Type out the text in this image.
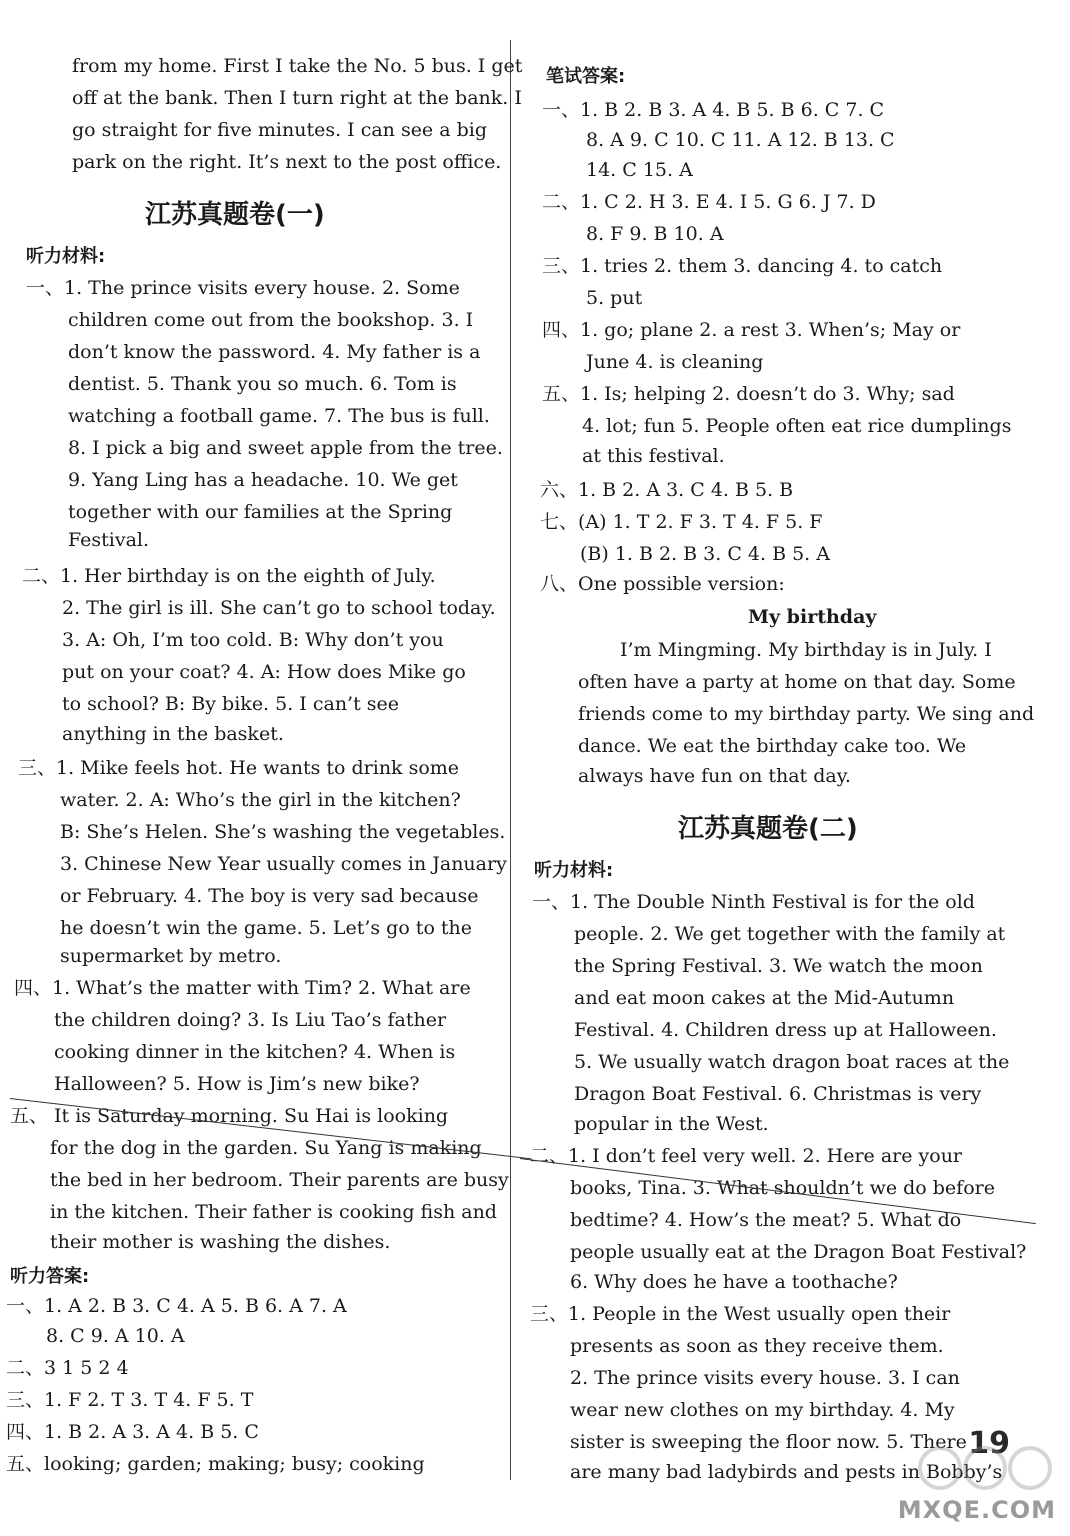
from my home. First I take the No. 5 bus. I get
off at the bank. Then I turn right at the bank. I
go straight for five minutes. I can see a big
park on the right. It’s next to the post office.
江苏真题卷(一)
听力材料:
一、1. The prince visits every house. 2. Some
children come out from the bookshop. 3. I
don’t know the password. 4. My father is a
dentist. 5. Thank you so much. 6. Tom is
watching a football game. 7. The bus is full.
8. I pick a big and sweet apple from the tree.
9. Yang Ling has a headache. 10. We get
together with our families at the Spring
Festival.
二、1. Her birthday is on the eighth of July.
2. The girl is ill. She can’t go to school today.
3. A: Oh, I’m too cold. B: Why don’t you
put on your coat? 4. A: How does Mike go
to school? B: By bike. 5. I can’t see
anything in the basket.
三、1. Mike feels hot. He wants to drink some
water. 2. A: Who’s the girl in the kitchen?
B: She’s Helen. She’s washing the vegetables.
3. Chinese New Year usually comes in January
or February. 4. The boy is very sad because
he doesn’t win the game. 5. Let’s go to the
supermarket by metro.
四、1. What’s the matter with Tim? 2. What are
the children doing? 3. Is Liu Tao’s father
cooking dinner in the kitchen? 4. When is
Halloween? 5. How is Jim’s new bike?
五、 It is Saturday morning. Su Hai is looking
for the dog in the garden. Su Yang is making
the bed in her bedroom. Their parents are busy
in the kitchen. Their father is cooking fish and
their mother is washing the dishes.
听力答案:
一、1. A 2. B 3. C 4. A 5. B 6. A 7. A
8. C 9. A 10. A
二、3 1 5 2 4
三、1. F 2. T 3. T 4. F 5. T
四、1. B 2. A 3. A 4. B 5. C
五、looking; garden; making; busy; cooking
笔试答案:
一、1. B 2. B 3. A 4. B 5. B 6. C 7. C
8. A 9. C 10. C 11. A 12. B 13. C
14. C 15. A
二、1. C 2. H 3. E 4. I 5. G 6. J 7. D
8. F 9. B 10. A
三、1. tries 2. them 3. dancing 4. to catch
5. put
四、1. go; plane 2. a rest 3. When’s; May or
June 4. is cleaning
五、1. Is; helping 2. doesn’t do 3. Why; sad
4. lot; fun 5. People often eat rice dumplings
at this festival.
六、1. B 2. A 3. C 4. B 5. B
七、(A) 1. T 2. F 3. T 4. F 5. F
(B) 1. B 2. B 3. C 4. B 5. A
八、One possible version:
My birthday
I’m Mingming. My birthday is in July. I
often have a party at home on that day. Some
friends come to my birthday party. We sing and
dance. We eat the birthday cake too. We
always have fun on that day.
江苏真题卷(二)
听力材料:
一、1. The Double Ninth Festival is for the old
people. 2. We get together with the family at
the Spring Festival. 3. We watch the moon
and eat moon cakes at the Mid-Autumn
Festival. 4. Children dress up at Halloween.
5. We usually watch dragon boat races at the
Dragon Boat Festival. 6. Christmas is very
popular in the West.
二、1. I don’t feel very well. 2. Here are your
books, Tina. 3. What shouldn’t we do before
bedtime? 4. How’s the meat? 5. What do
people usually eat at the Dragon Boat Festival?
6. Why does he have a toothache?
三、1. People in the West usually open their
presents as soon as they receive them.
2. The prince visits every house. 3. I can
wear new clothes on my birthday. 4. My
sister is sweeping the floor now. 5. There
are many bad ladybirds and pests in Bobby’s
19
MXQE.COM
